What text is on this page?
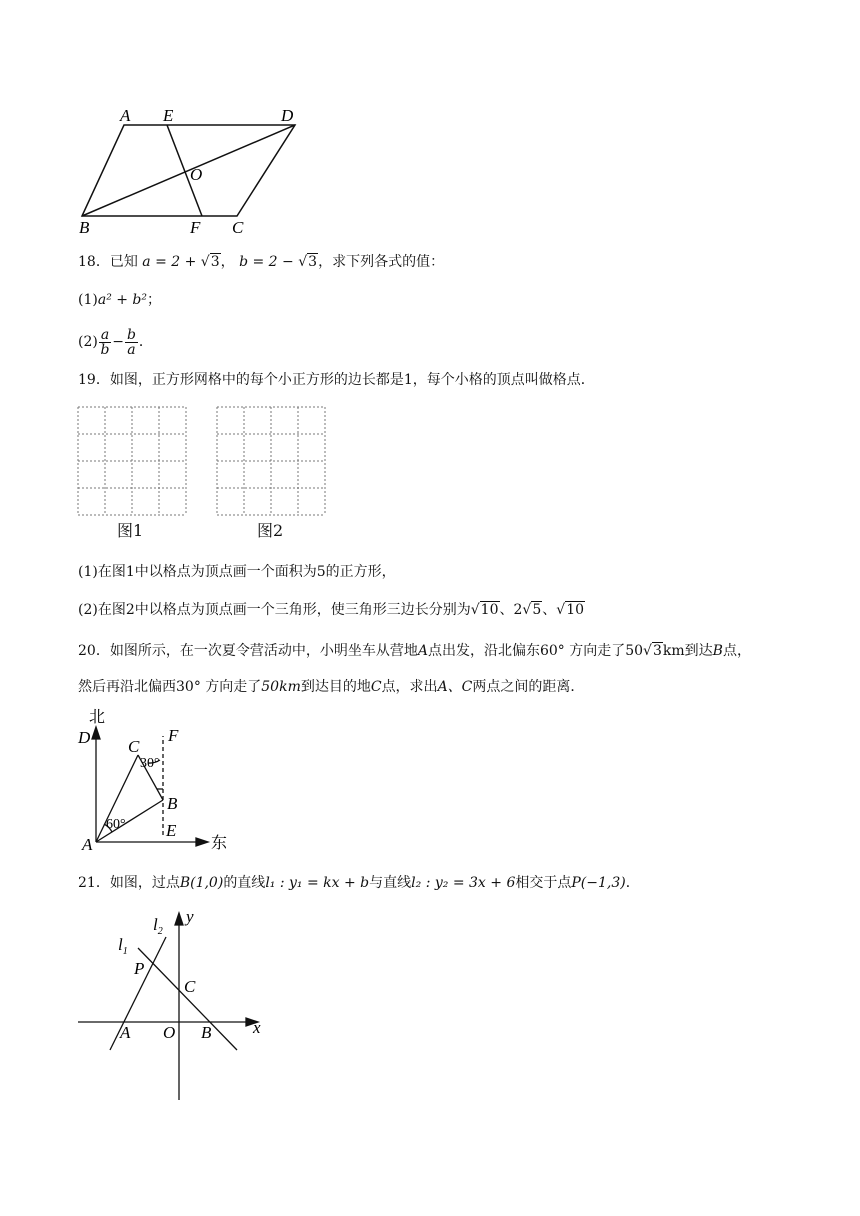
A E	D
O
B	F C
18．已知 a = 2 + √3， b = 2 − √3，求下列各式的值：
(1)a² + b²；
$(2) \frac{a}{b} - \frac{b}{a}$ ．
19．如图，正方形网格中的每个小正方形的边长都是1，每个小格的顶点叫做格点．
图1	图2
(1)在图1中以格点为顶点画一个面积为5的正方形，
(2)在图2中以格点为顶点画一个三角形，使三角形三边长分别为√10、2√5、√10
20．如图所示，在一次夏令营活动中，小明坐车从营地A点出发，沿北偏东60° 方向走了50√3km到达B点，
然后再沿北偏西30° 方向走了50km到达目的地C点，求出A、C两点之间的距离．
北
东
D C
F
30°
B
60° E
A
21．如图，过点B(1,0)的直线l₁ : y₁ = kx + b与直线l₂ : y₂ = 3x + 6相交于点P(−1,3)．
$l_1$
$l_2$
y
x
P
C
A O B
